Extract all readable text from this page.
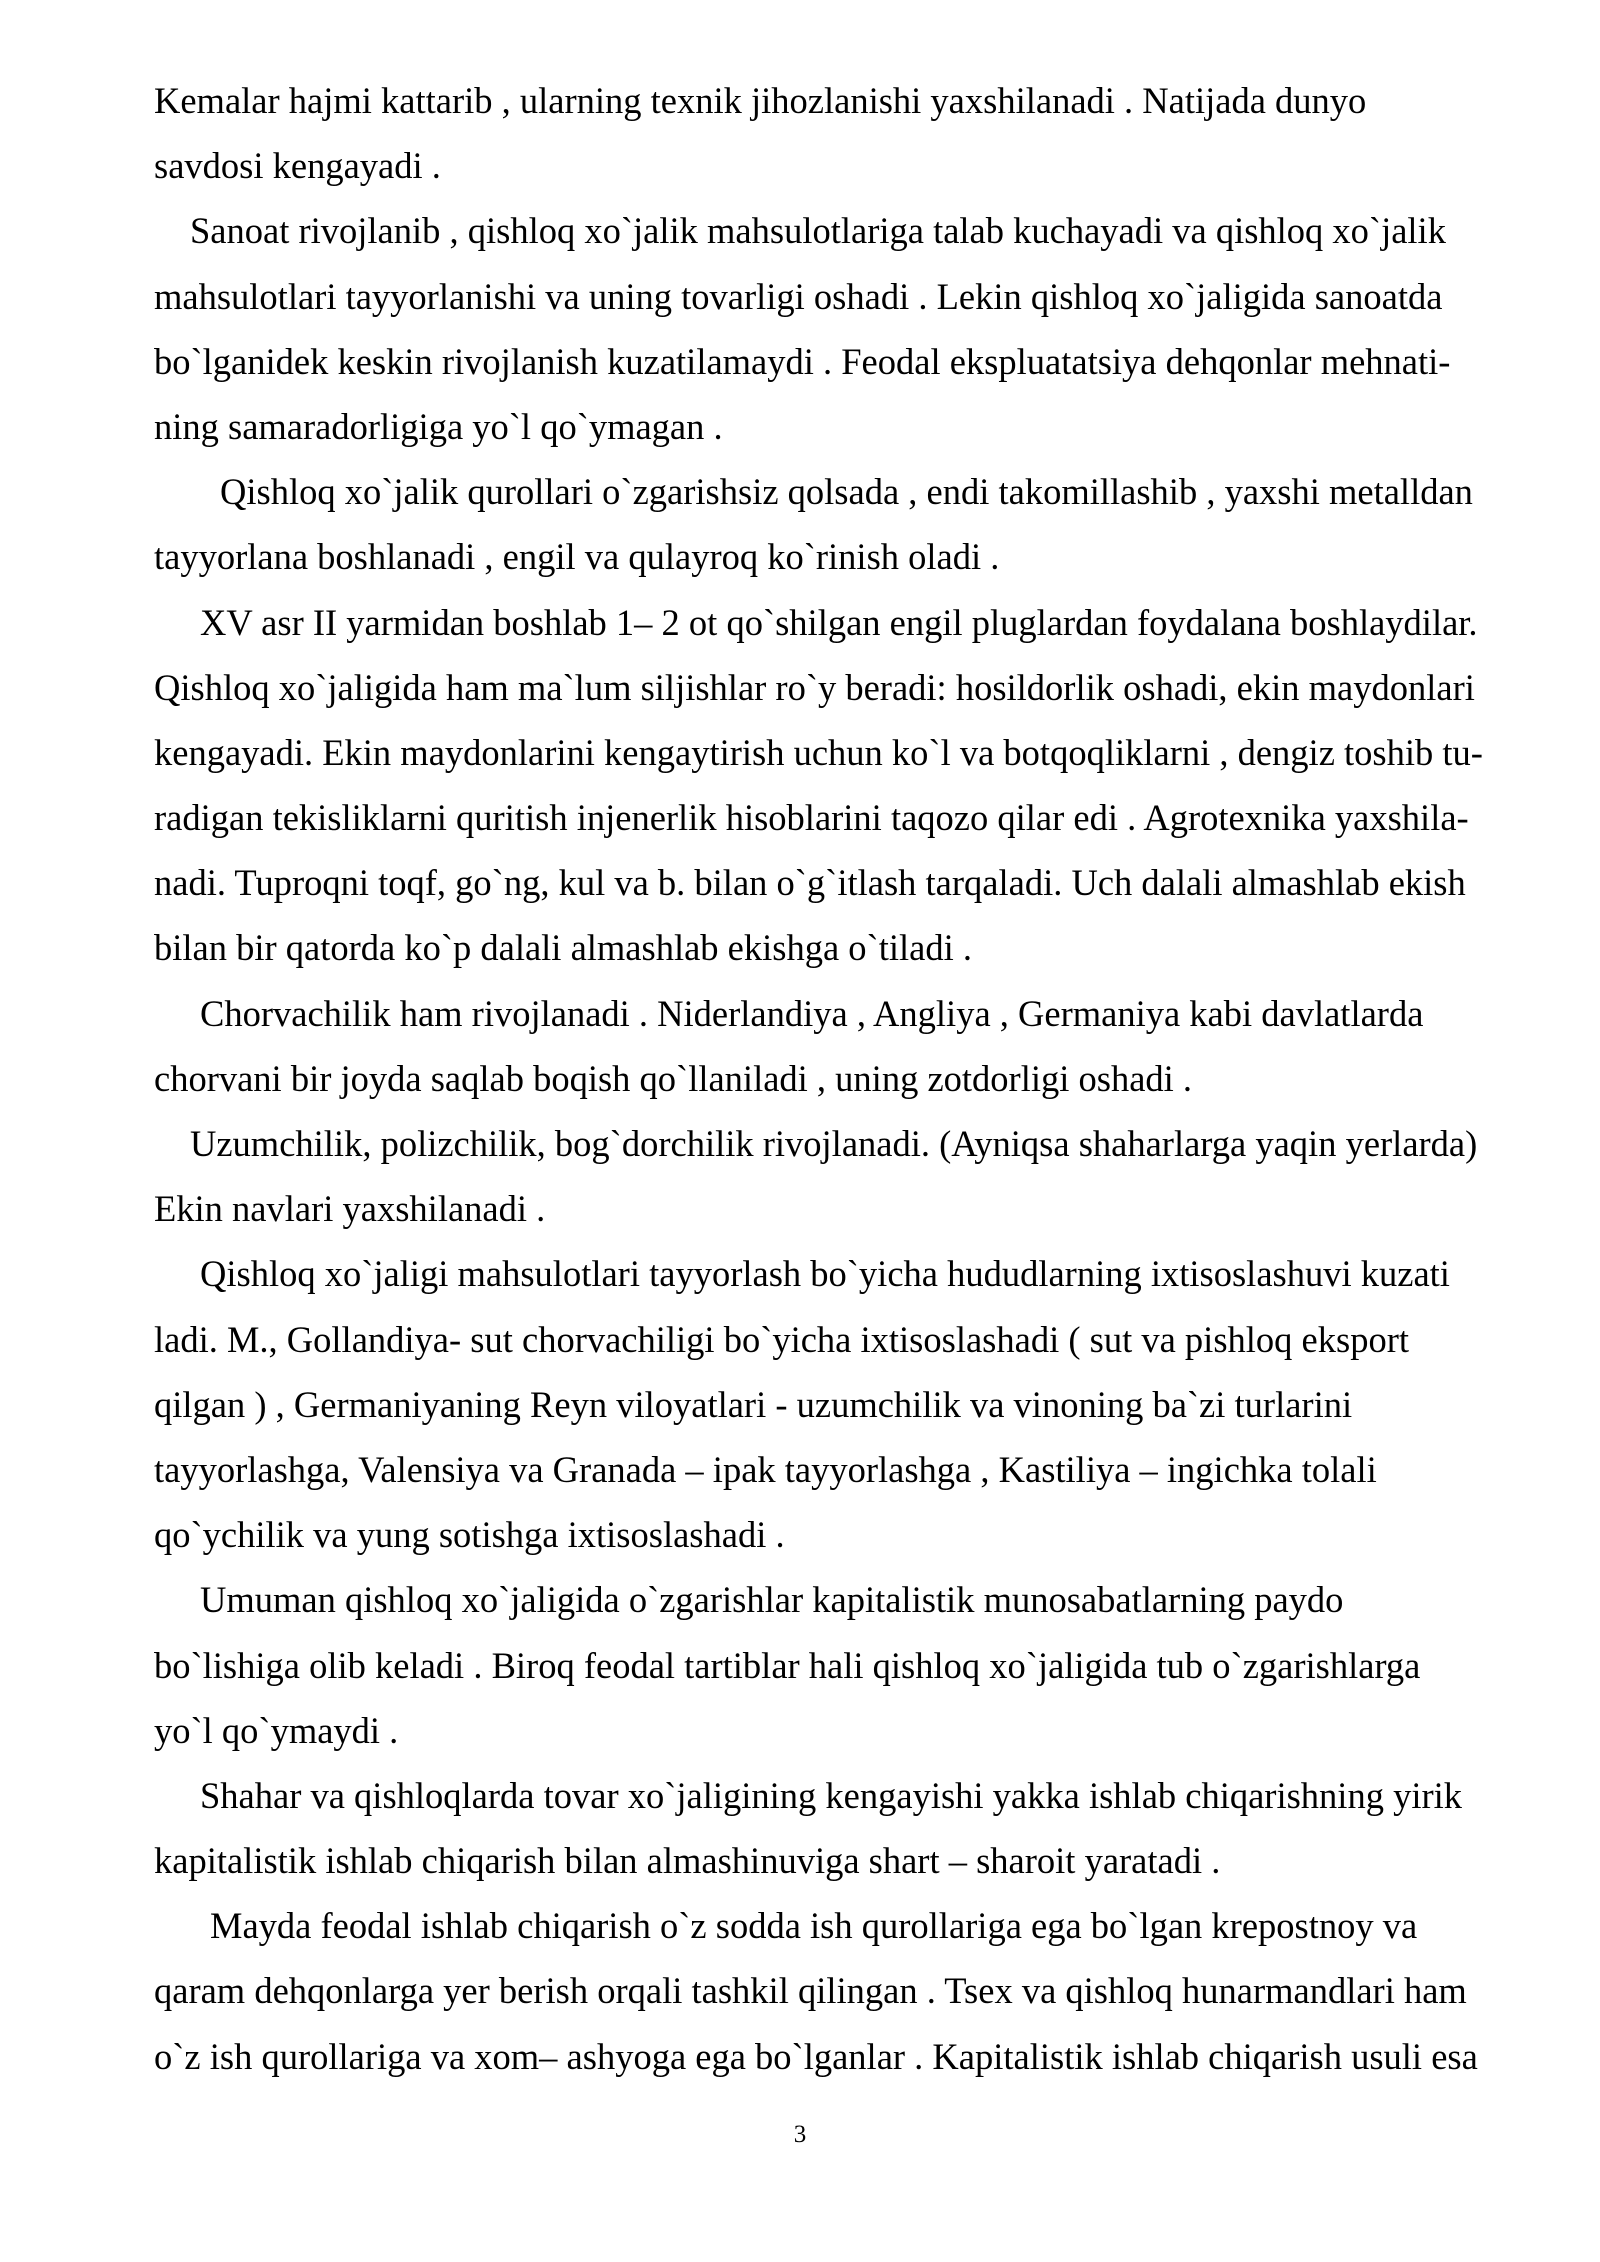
Kemalar hajmi kattarib , ularning texnik jihozlanishi yaxshilanadi . Natijada dunyo
savdosi kengayadi .
Sanoat rivojlanib , qishloq xo`jalik mahsulotlariga talab kuchayadi va qishloq xo`jalik
mahsulotlari tayyorlanishi va uning tovarligi oshadi . Lekin qishloq xo`jaligida sanoatda
bo`lganidek keskin rivojlanish kuzatilamaydi . Feodal ekspluatatsiya dehqonlar mehnati-
ning samaradorligiga yo`l qo`ymagan .
Qishloq xo`jalik qurollari o`zgarishsiz qolsada , endi takomillashib , yaxshi metalldan
tayyorlana boshlanadi , engil va qulayroq ko`rinish oladi .
XV asr II yarmidan boshlab 1– 2 ot qo`shilgan engil pluglardan foydalana boshlaydilar.
Qishloq xo`jaligida ham ma`lum siljishlar ro`y beradi: hosildorlik oshadi, ekin maydonlari
kengayadi. Ekin maydonlarini kengaytirish uchun ko`l va botqoqliklarni , dengiz toshib tu-
radigan tekisliklarni quritish injenerlik hisoblarini taqozo qilar edi . Agrotexnika yaxshila-
nadi. Tuproqni toqf, go`ng, kul va b. bilan o`g`itlash tarqaladi. Uch dalali almashlab ekish
bilan bir qatorda ko`p dalali almashlab ekishga o`tiladi .
Chorvachilik ham rivojlanadi . Niderlandiya , Angliya , Germaniya kabi davlatlarda
chorvani bir joyda saqlab boqish qo`llaniladi , uning zotdorligi oshadi .
Uzumchilik, polizchilik, bog`dorchilik rivojlanadi. (Ayniqsa shaharlarga yaqin yerlarda)
Ekin navlari yaxshilanadi .
Qishloq xo`jaligi mahsulotlari tayyorlash bo`yicha hududlarning ixtisoslashuvi kuzati
ladi. M., Gollandiya- sut chorvachiligi bo`yicha ixtisoslashadi ( sut va pishloq eksport
qilgan ) , Germaniyaning Reyn viloyatlari - uzumchilik va vinoning ba`zi turlarini
tayyorlashga, Valensiya va Granada – ipak tayyorlashga , Kastiliya – ingichka tolali
qo`ychilik va yung sotishga ixtisoslashadi .
Umuman qishloq xo`jaligida o`zgarishlar kapitalistik munosabatlarning paydo
bo`lishiga olib keladi . Biroq feodal tartiblar hali qishloq xo`jaligida tub o`zgarishlarga
yo`l qo`ymaydi .
Shahar va qishloqlarda tovar xo`jaligining kengayishi yakka ishlab chiqarishning yirik
kapitalistik ishlab chiqarish bilan almashinuviga shart – sharoit yaratadi .
Mayda feodal ishlab chiqarish o`z sodda ish qurollariga ega bo`lgan krepostnoy va
qaram dehqonlarga yer berish orqali tashkil qilingan . Tsex va qishloq hunarmandlari ham
o`z ish qurollariga va xom– ashyoga ega bo`lganlar . Kapitalistik ishlab chiqarish usuli esa
3
